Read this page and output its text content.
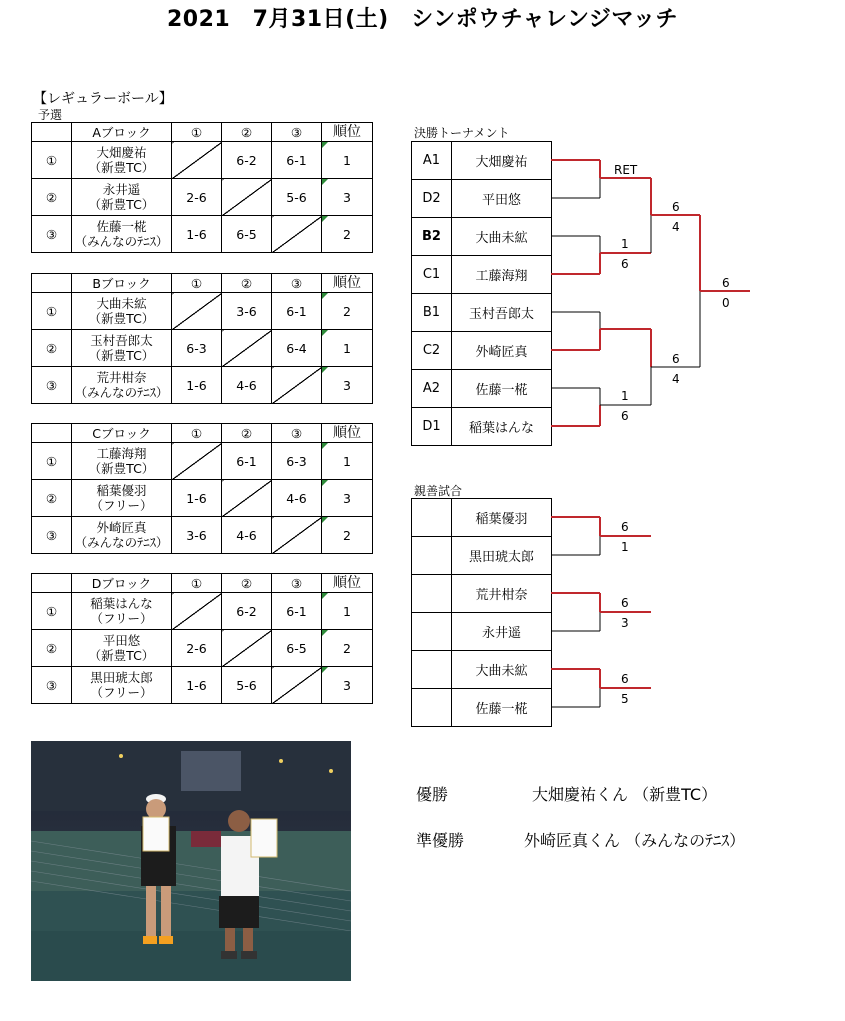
2021　7月31日(土)　シンポウチャレンジマッチ
【レギュラーボール】
予選
	Aブロック	①	②	③	順位
①	大畑慶祐
（新豊TC）		6-2	6-1	1
②	永井遥
（新豊TC）	2-6		5-6	3
③	佐藤一椛
（みんなのﾃﾆｽ）	1-6	6-5		2
	Bブロック	①	②	③	順位
①	大曲未絋
（新豊TC）		3-6	6-1	2
②	玉村吾郎太
（新豊TC）	6-3		6-4	1
③	荒井柑奈
（みんなのﾃﾆｽ）	1-6	4-6		3
	Cブロック	①	②	③	順位
①	工藤海翔
（新豊TC）		6-1	6-3	1
②	稲葉優羽
（フリー）	1-6		4-6	3
③	外崎匠真
（みんなのﾃﾆｽ）	3-6	4-6		2
	Dブロック	①	②	③	順位
①	稲葉はんな
（フリー）		6-2	6-1	1
②	平田悠
（新豊TC）	2-6		6-5	2
③	黒田琥太郎
（フリー）	1-6	5-6		3
決勝トーナメント
A1	大畑慶祐
D2	平田悠
B2	大曲未絋
C1	工藤海翔
B1	玉村吾郎太
C2	外崎匠真
A2	佐藤一椛
D1	稲葉はんな
親善試合
	稲葉優羽
	黒田琥太郎
	荒井柑奈
	永井遥
	大曲未絋
	佐藤一椛
RET
1
6
1
6
6
4
6
4
6
0
6
1
6
3
6
5
優勝	大畑慶祐くん （新豊TC）
準優勝	外崎匠真くん （みんなのﾃﾆｽ）
